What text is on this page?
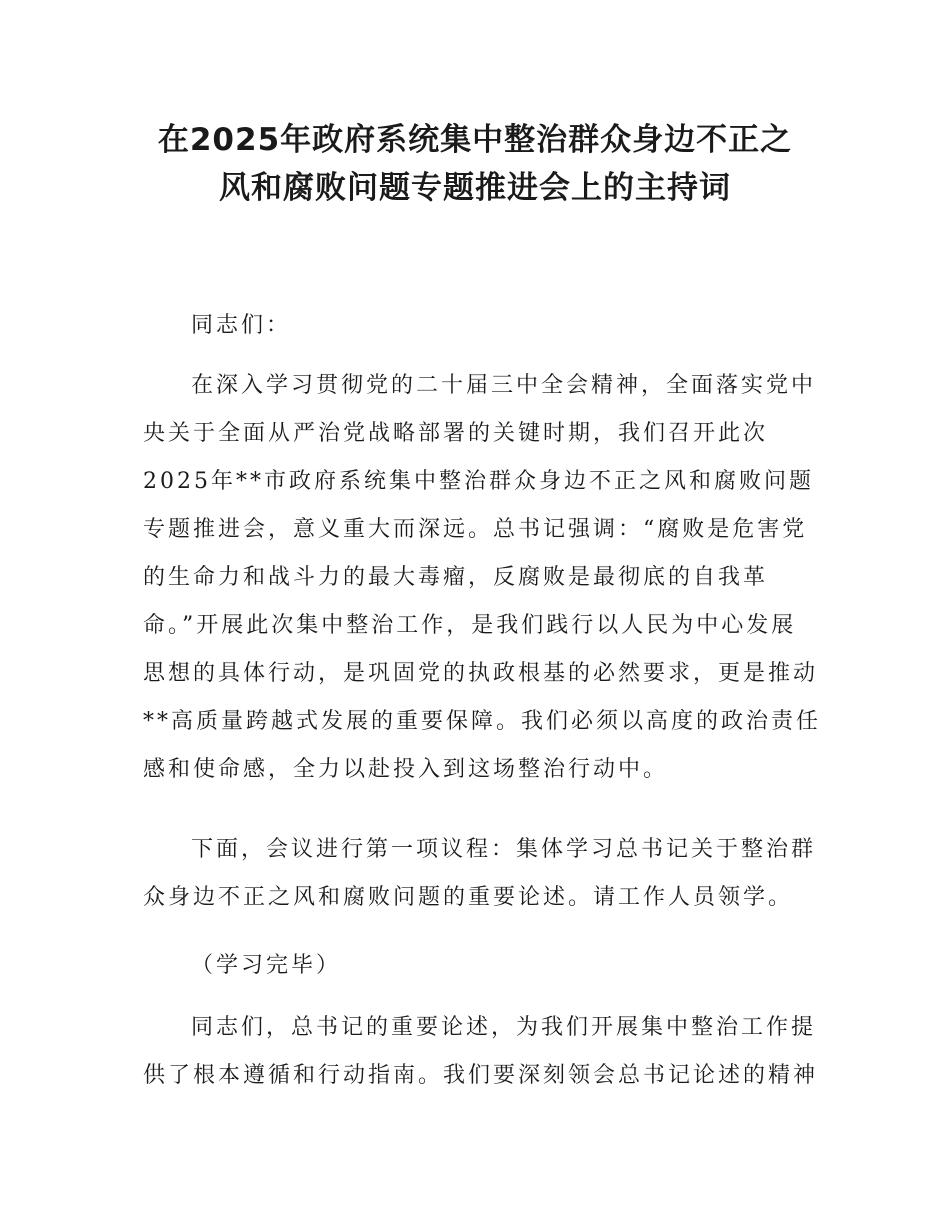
在2025年政府系统集中整治群众身边不正之
风和腐败问题专题推进会上的主持词

同志们：

在深入学习贯彻党的二十届三中全会精神，全面落实党中
央关于全面从严治党战略部署的关键时期，我们召开此次
2025年**市政府系统集中整治群众身边不正之风和腐败问题
专题推进会，意义重大而深远。总书记强调：“腐败是危害党
的生命力和战斗力的最大毒瘤，反腐败是最彻底的自我革
命。”开展此次集中整治工作，是我们践行以人民为中心发展
思想的具体行动，是巩固党的执政根基的必然要求，更是推动
**高质量跨越式发展的重要保障。我们必须以高度的政治责任
感和使命感，全力以赴投入到这场整治行动中。

下面，会议进行第一项议程：集体学习总书记关于整治群
众身边不正之风和腐败问题的重要论述。请工作人员领学。

（学习完毕）

同志们，总书记的重要论述，为我们开展集中整治工作提
供了根本遵循和行动指南。我们要深刻领会总书记论述的精神
